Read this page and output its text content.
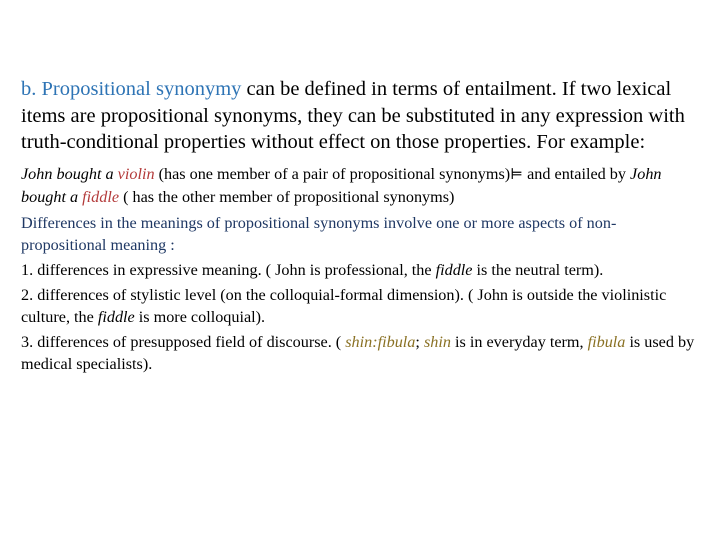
b. Propositional synonymy can be defined in terms of entailment. If two lexical items are propositional synonyms, they can be substituted in any expression with truth-conditional properties without effect on those properties. For example:

John bought a violin (has one member of a pair of propositional synonyms)⊨ and entailed by John bought a fiddle ( has the other member of propositional synonyms)

Differences in the meanings of propositional synonyms involve one or more aspects of non-propositional meaning :

1. differences in expressive meaning. ( John is professional, the fiddle is the neutral term).

2. differences of stylistic level (on the colloquial-formal dimension). ( John is outside the violinistic culture, the fiddle is more colloquial).

3. differences of presupposed field of discourse. ( shin:fibula; shin is in everyday term, fibula is used by medical specialists).
